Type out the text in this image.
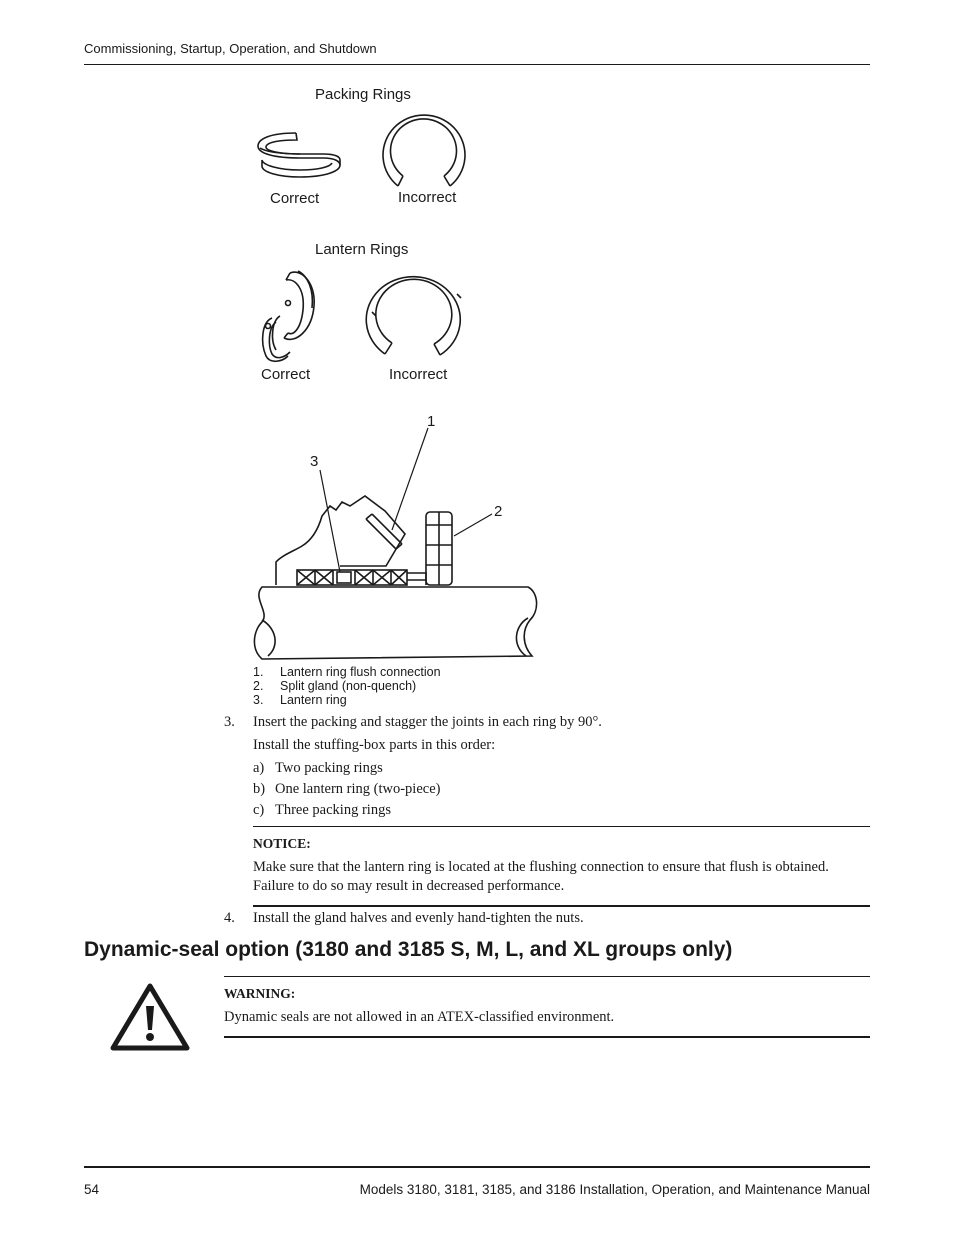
Commissioning, Startup, Operation, and Shutdown
Packing Rings
Correct	Incorrect
Lantern Rings
Correct	Incorrect
1
2
3
1. Lantern ring flush connection
2. Split gland (non-quench)
3. Lantern ring
3. Insert the packing and stagger the joints in each ring by 90°.
Install the stuffing-box parts in this order:
a) Two packing rings
b) One lantern ring (two-piece)
c) Three packing rings
NOTICE:
Make sure that the lantern ring is located at the flushing connection to ensure that flush is obtained.
Failure to do so may result in decreased performance.
4. Install the gland halves and evenly hand-tighten the nuts.
Dynamic-seal option (3180 and 3185 S, M, L, and XL groups only)
WARNING:
Dynamic seals are not allowed in an ATEX-classified environment.
54	Models 3180, 3181, 3185, and 3186 Installation, Operation, and Maintenance Manual
